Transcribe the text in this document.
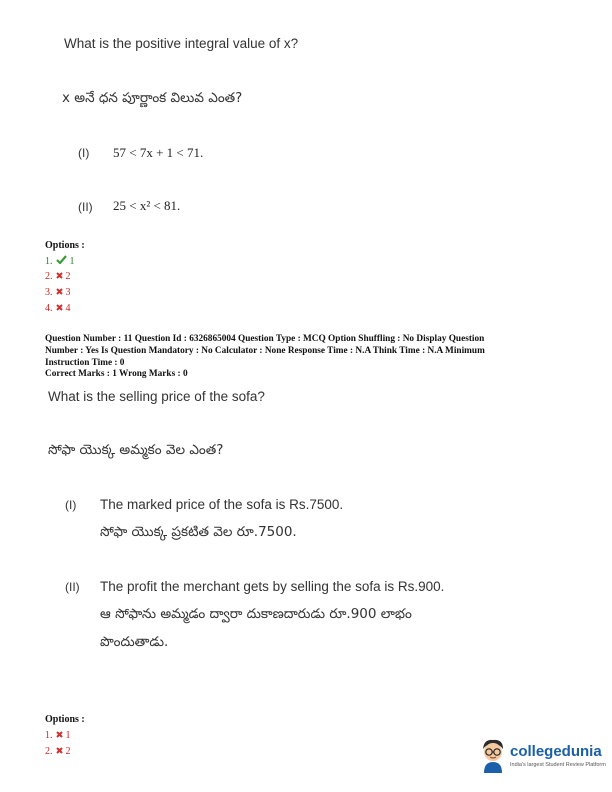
What is the positive integral value of x?
x అనే ధన పూర్ణాంక విలువ ఎంత?
(I) 57 < 7x + 1 < 71.
(II) 25 < x² < 81.
Options :
1. 1
2. 2
3. 3
4. 4
Question Number : 11 Question Id : 6326865004 Question Type : MCQ Option Shuffling : No Display Question
Number : Yes Is Question Mandatory : No Calculator : None Response Time : N.A Think Time : N.A Minimum
Instruction Time : 0
Correct Marks : 1 Wrong Marks : 0
What is the selling price of the sofa?
సోఫా యొక్క అమ్మకం వెల ఎంత?
(I) The marked price of the sofa is Rs.7500.
సోఫా యొక్క ప్రకటిత వెల రూ.7500.
(II) The profit the merchant gets by selling the sofa is Rs.900.
ఆ సోఫాను అమ్మడం ద్వారా దుకాణదారుడు రూ.900 లాభం
పొందుతాడు.
Options :
1. 1
2. 2	collegedunia
India's largest Student Review Platform
